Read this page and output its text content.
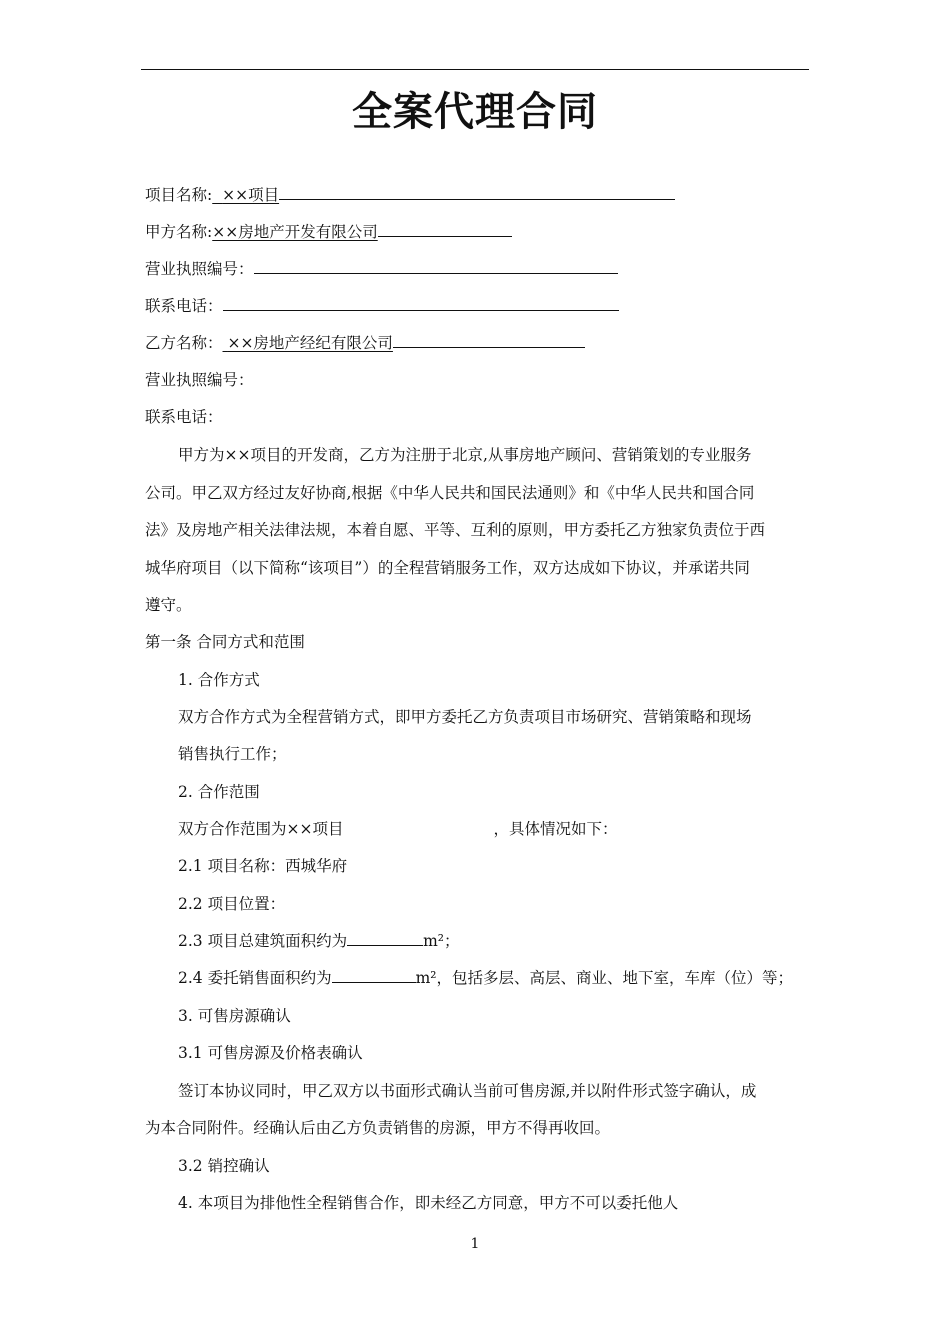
全案代理合同
项目名称: ××项目
甲方名称:××房地产开发有限公司
营业执照编号：
联系电话：
乙方名称： ××房地产经纪有限公司
营业执照编号：
联系电话：
甲方为××项目的开发商，乙方为注册于北京,从事房地产顾问、营销策划的专业服务
公司。甲乙双方经过友好协商,根据《中华人民共和国民法通则》和《中华人民共和国合同
法》及房地产相关法律法规，本着自愿、平等、互利的原则，甲方委托乙方独家负责位于西
城华府项目（以下简称“该项目”）的全程营销服务工作，双方达成如下协议，并承诺共同
遵守。
第一条 合同方式和范围
1. 合作方式
双方合作方式为全程营销方式，即甲方委托乙方负责项目市场研究、营销策略和现场
销售执行工作；
2. 合作范围
双方合作范围为××项目	，具体情况如下：
2.1 项目名称：西城华府
2.2 项目位置：
2.3 项目总建筑面积约为	m²；
2.4 委托销售面积约为	m²，包括多层、高层、商业、地下室，车库（位）等；
3. 可售房源确认
3.1 可售房源及价格表确认
签订本协议同时，甲乙双方以书面形式确认当前可售房源,并以附件形式签字确认，成
为本合同附件。经确认后由乙方负责销售的房源，甲方不得再收回。
3.2 销控确认
4. 本项目为排他性全程销售合作，即未经乙方同意，甲方不可以委托他人
1
